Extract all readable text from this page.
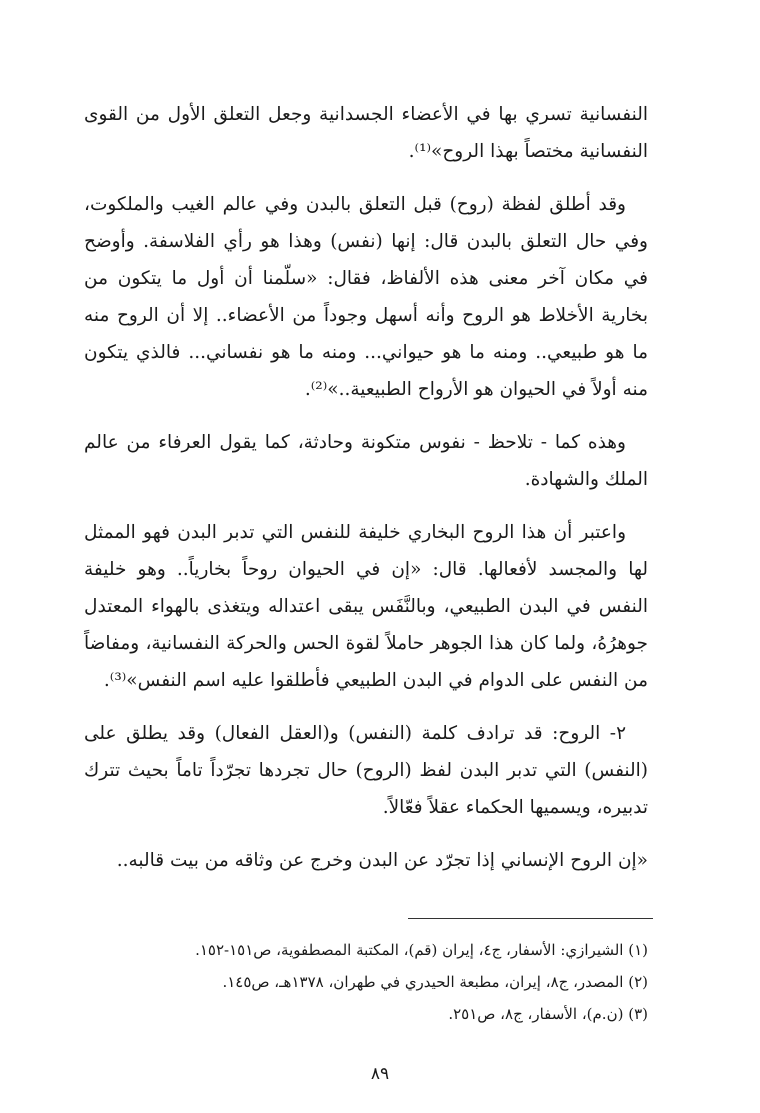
النفسانية تسري بها في الأعضاء الجسدانية وجعل التعلق الأول من القوى النفسانية مختصاً بهذا الروح»⁽¹⁾.

وقد أطلق لفظة (روح) قبل التعلق بالبدن وفي عالم الغيب والملكوت، وفي حال التعلق بالبدن قال: إنها (نفس) وهذا هو رأي الفلاسفة. وأوضح في مكان آخر معنى هذه الألفاظ، فقال: «سلّمنا أن أول ما يتكون من بخارية الأخلاط هو الروح وأنه أسهل وجوداً من الأعضاء.. إلا أن الروح منه ما هو طبيعي.. ومنه ما هو حيواني... ومنه ما هو نفساني... فالذي يتكون منه أولاً في الحيوان هو الأرواح الطبيعية..»⁽²⁾.

وهذه كما - تلاحظ - نفوس متكونة وحادثة، كما يقول العرفاء من عالم الملك والشهادة.

واعتبر أن هذا الروح البخاري خليفة للنفس التي تدبر البدن فهو الممثل لها والمجسد لأفعالها. قال: «إن في الحيوان روحاً بخارياً.. وهو خليفة النفس في البدن الطبيعي، وبالنَّفَس يبقى اعتداله ويتغذى بالهواء المعتدل جوهرُهُ، ولما كان هذا الجوهر حاملاً لقوة الحس والحركة النفسانية، ومفاضاً من النفس على الدوام في البدن الطبيعي فأطلقوا عليه اسم النفس»⁽³⁾.

٢- الروح: قد ترادف كلمة (النفس) و(العقل الفعال) وقد يطلق على (النفس) التي تدبر البدن لفظ (الروح) حال تجردها تجرّداً تاماً بحيث تترك تدبيره، ويسميها الحكماء عقلاً فعّالاً.

«إن الروح الإنساني إذا تجرّد عن البدن وخرج عن وثاقه من بيت قالبه..

(١) الشيرازي: الأسفار، ج٤، إيران (قم)، المكتبة المصطفوية، ص١٥١-١٥٢.

(٢) المصدر، ج٨، إيران، مطبعة الحيدري في طهران، ١٣٧٨هـ، ص١٤٥.

(٣) (ن.م)، الأسفار، ج٨، ص٢٥١.

٨٩
